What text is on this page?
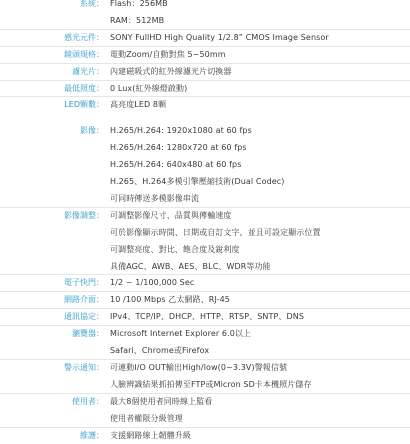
系統： Flash：256MB
RAM：512MB
感光元件： SONY FullHD High Quality 1/2.8” CMOS Image Sensor
鏡頭規格： 電動Zoom/自動對焦 5~50mm
濾光片： 內建磁吸式的紅外線濾光片切換器
最低照度： 0 Lux(紅外線燈啟動)
LED顆數： 高亮度LED 8顆
影像： H.265/H.264: 1920x1080 at 60 fps
H.265/H.264: 1280x720 at 60 fps
H.265/H.264: 640x480 at 60 fps
H.265、H.264多模引擎壓縮技術(Dual Codec)
可同時傳送多模影像串流
影像調整： 可調整影像尺寸、品質與傳輸速度
可於影像顯示時間、日期或自訂文字，並且可設定顯示位置
可調整亮度、對比、飽合度及銳利度
具備AGC、AWB、AES、BLC、WDR等功能
電子快門： 1/2 ~ 1/100,000 Sec
網路介面： 10 /100 Mbps 乙太網路、RJ-45
通訊協定： IPv4、TCP/IP、DHCP、HTTP、RTSP、SNTP、DNS
瀏覽器： Microsoft Internet Explorer 6.0以上
Safari、Chrome或Firefox
警示通知： 可連動I/O OUT輸出High/low(0~3.3V)警報信號
人臉辨識結果抓拍傳至FTP或Micron SD卡本機照片儲存
使用者： 最大8個使用者同時線上監看
使用者權限分級管理
維護： 支援網路線上韌體升級
